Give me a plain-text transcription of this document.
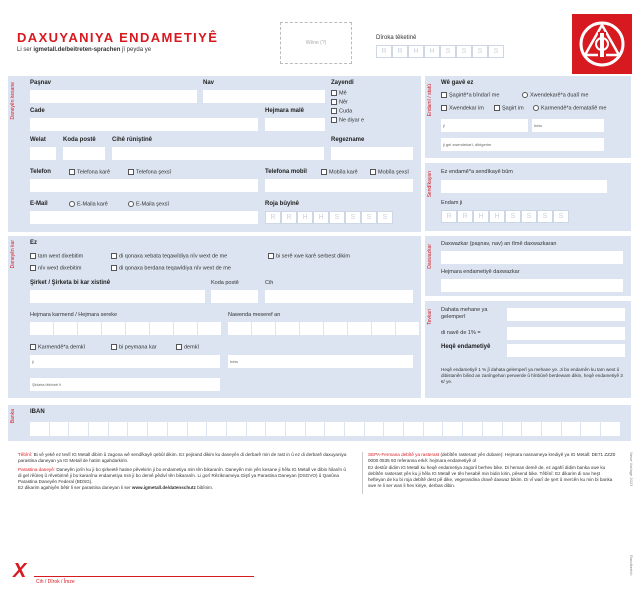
DAXUYANIYA ENDAMETIYÊ
Li ser igmetall.de/beitreten-sprachen jî peyda ye
Wêne (?)
Dîroka têketinê
R	R	H	H	S	S	S	S
Daneyên kesane Paşnav	Nav	Zayendî
Mê
Nêr
Cuda
Ne diyar e
Cade	Hejmara malê
Welat	Koda postê	Cihê rûniştinê	Regezname
Telefon	Telefona karê	Telefona şexsî	Telefona mobîl	Mobîla karê	Mobîla şexsî
E-Mail	E-Maila karê	E-Maila şexsî	Roja bûyînê
R	R	H	H	S	S	S	S
Endamî / statû
Wê gavê ez
Şagirtê*a bîndarî me	Xwendekarê*a dualî me
Xwendekar im	Şagirt im	Karmendê*a dematalîê me
ji	heta
ji gel xwendekarî, dibigerim
Sendîkayan Ez endamê*a sendîkayê bûm
Endam ji
R	R	H	H	S	S	S	S
Daneyên kar Ez
tam wext dixebitim	di qonaxa xebata teqawîdiya nîv wext de me	bi serê xwe karê serbest dikim
nîv wext dixebitim	di qonaxa berdana teqawîdiya nîv wext de me
Şirket / Şirketa bi kar xistinê	Koda postê	Cih
Hejmara karmend / Hejmara sereke	Nawenda meseref an
Karmendê*a demkî	bi peymana kar	demkî
ji	heta
Şirketa lêkirinê li
Daxwazkar Daxwazkar (paşnav, nav) an tîmê daxwazkaran
Hejmara endametiyê daxwazkar
Tevkari Dahata mehane ya
gelemperî
di navê de 1% =
Heqê endametiyê
Heqê endametiyê 1 % jî dahata gelemperî ya mehane ye. Ji bo endamên ku tam wext û dibistanên bilind an zanîngehan perwerde û hînbûnê berdewam dikin, heqê endametiyê 3 €/ ye.
Banka IBAN

Têbînî: Bi vê yekê ez tevlî IG Metall dibim û zagona wê sendîkayê qebûl dikim. Ez pejirand dikim ku daneyên di derbarê min de rast in û ez di derbarê daxuyaniya parastina daneyan ya IG Metall de hatim agahdarkirin.

Parastina daneyê: Daneyên jorîn ku ji bo şirkeetê hatine pêvekirin ji bo endametiya min tên bikaranîn. Daneyên min yên kesane ji hêla IG Metall ve dibin hilanîn û di gel rêûreş û rêvebirinê ji bo karanîna endametiya min ji bo demê pêdivî tên bikaranîn. Li gorî Rêziknameya Giştî ya Parastina Daneyan (DSGVO) û Qanûna Parastina Daneyên Federal (BDSG).

Ez dikarim agahiyên bêtir li ser parastina daneyan li ser www.igmetall.de/datenschutz bibînim.

SEPA-Fermana debîtê ya rasterast (debîtên rasterast yên dubare): Hejmara nasnameya krediyê ya IG Metall: DE71 ZZZ0 0000 0535 93 referansa erkê: hejmara endametiyê ol

Ez destûr didim IG Metall ku heqê endametiya zagonî berhev bike. Di heman demê de, ez agahî didim banka xwe ku debîtên rasterast yên ku ji hêla IG Metall ve tên hesabê min bidin kirin, pêsend bike. Têbînî: Ez dikarim di nav heşt hefteyan de ku bi roja debîtê dest pê dike, vegerandina dravê daxwaz bikim. Di vî warî de şert û mercên ku min bi banka xwe re li ser wan li hev kiriye, derbas dibin.	Neue Vorlage 2023
Randberich
X Cih / Dîrok / Îmze
